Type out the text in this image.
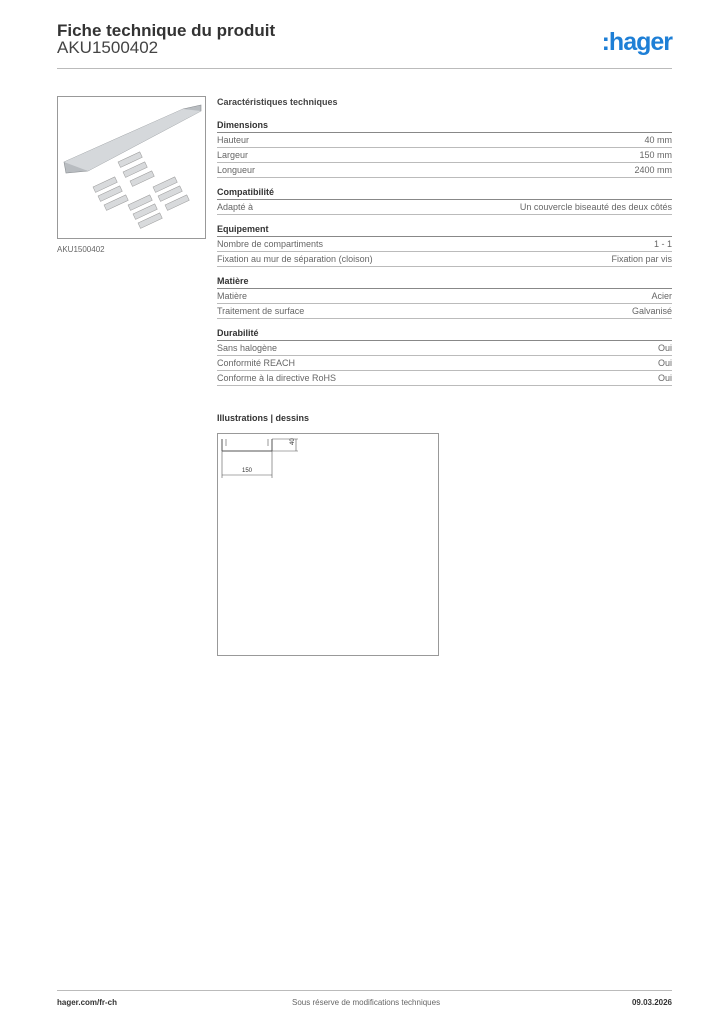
Fiche technique du produit
AKU1500402	:hager
AKU1500402
Caractéristiques techniques
Dimensions
Hauteur	40 mm
Largeur	150 mm
Longueur	2400 mm
Compatibilité
Adapté à	Un couvercle biseauté des deux côtés
Equipement
Nombre de compartiments	1 - 1
Fixation au mur de séparation (cloison)	Fixation par vis
Matière
Matière	Acier
Traitement de surface	Galvanisé
Durabilité
Sans halogène	Oui
Conformité REACH	Oui
Conforme à la directive RoHS	Oui
Illustrations | dessins
150
40
hager.com/fr-ch	Sous réserve de modifications techniques	09.03.2026
